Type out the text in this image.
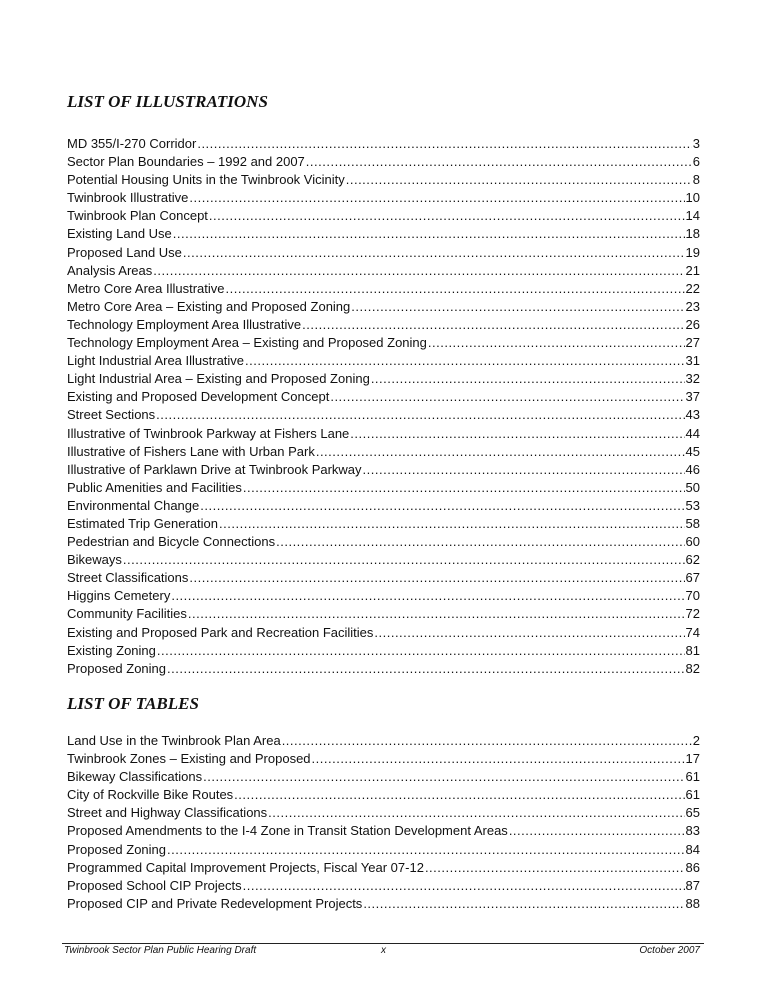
LIST OF ILLUSTRATIONS
MD 355/I-270 Corridor .....	3
Sector Plan Boundaries – 1992 and 2007 .....	6
Potential Housing Units in the Twinbrook Vicinity .....	8
Twinbrook Illustrative .....	10
Twinbrook Plan Concept .....	14
Existing Land Use .....	18
Proposed Land Use .....	19
Analysis Areas .....	21
Metro Core Area Illustrative .....	22
Metro Core Area – Existing and Proposed Zoning .....	23
Technology Employment Area Illustrative .....	26
Technology Employment Area – Existing and Proposed Zoning .....	27
Light Industrial Area Illustrative .....	31
Light Industrial Area – Existing and Proposed Zoning .....	32
Existing and Proposed Development Concept .....	37
Street Sections .....	43
Illustrative of Twinbrook Parkway at Fishers Lane .....	44
Illustrative of Fishers Lane with Urban Park .....	45
Illustrative of Parklawn Drive at Twinbrook Parkway .....	46
Public Amenities and Facilities .....	50
Environmental Change .....	53
Estimated Trip Generation .....	58
Pedestrian and Bicycle Connections .....	60
Bikeways .....	62
Street Classifications .....	67
Higgins Cemetery .....	70
Community Facilities .....	72
Existing and Proposed Park and Recreation Facilities .....	74
Existing Zoning .....	81
Proposed Zoning .....	82
LIST OF TABLES
Land Use in the Twinbrook Plan Area .....	2
Twinbrook Zones – Existing and Proposed .....	17
Bikeway Classifications .....	61
City of Rockville Bike Routes .....	61
Street and Highway Classifications .....	65
Proposed Amendments to the I-4 Zone in Transit Station Development Areas .....	83
Proposed Zoning .....	84
Programmed Capital Improvement Projects, Fiscal Year 07-12 .....	86
Proposed School CIP Projects .....	87
Proposed CIP and Private Redevelopment Projects .....	88
Twinbrook Sector Plan Public Hearing Draft	x	October 2007
